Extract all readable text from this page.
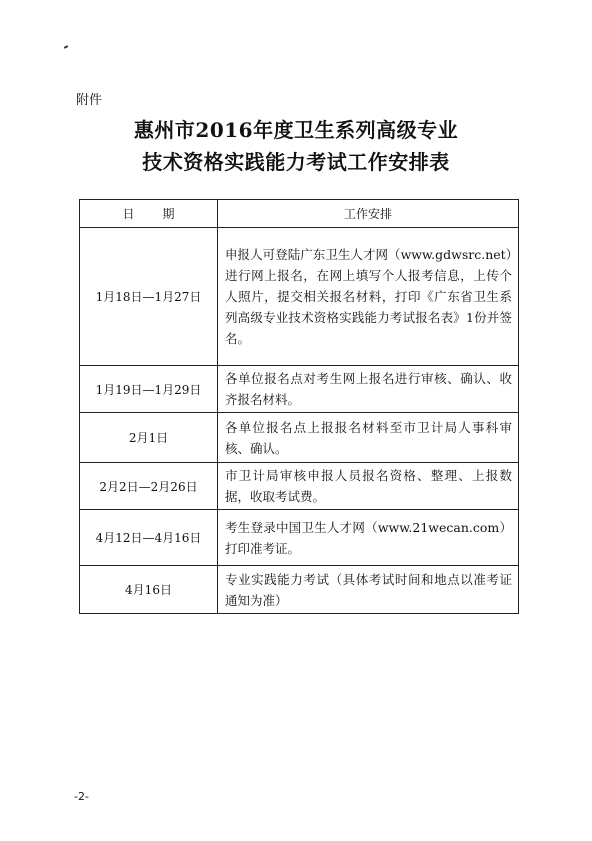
附件
惠州市2016年度卫生系列高级专业
技术资格实践能力考试工作安排表
日期	工作安排
1月18日—1月27日	申报人可登陆广东卫生人才网（www.gdwsrc.net）进行网上报名，在网上填写个人报考信息，上传个人照片，提交相关报名材料，打印《广东省卫生系列高级专业技术资格实践能力考试报名表》1份并签名。

1月19日—1月29日	各单位报名点对考生网上报名进行审核、确认、收齐报名材料。

2月1日	各单位报名点上报报名材料至市卫计局人事科审核、确认。

2月2日—2月26日	市卫计局审核申报人员报名资格、整理、上报数据，收取考试费。

4月12日—4月16日	考生登录中国卫生人才网（www.21wecan.com）打印准考证。

4月16日	专业实践能力考试（具体考试时间和地点以准考证通知为准）
-2-
